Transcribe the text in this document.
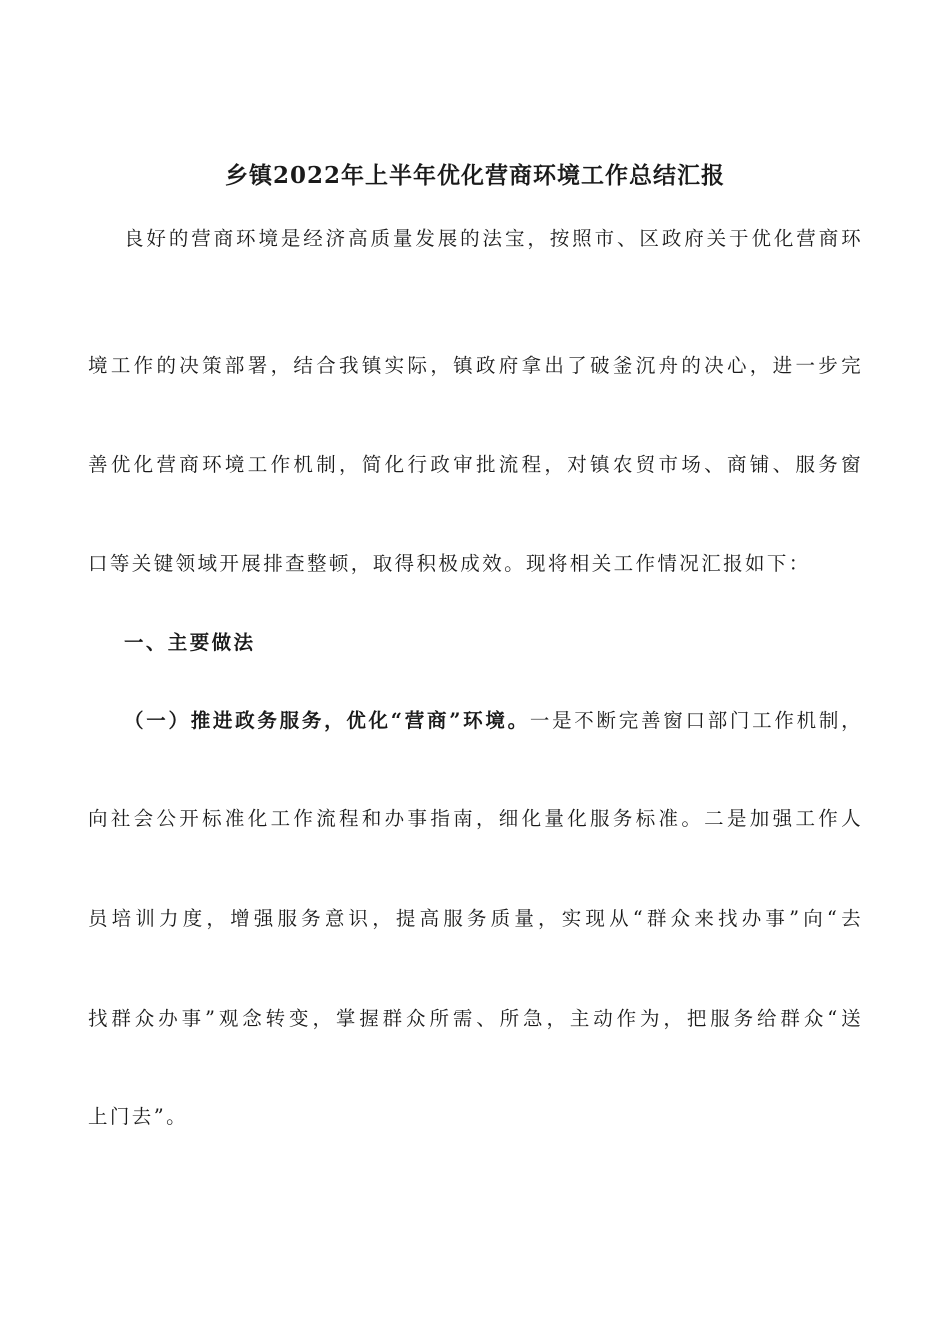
乡镇2022年上半年优化营商环境工作总结汇报

良好的营商环境是经济高质量发展的法宝，按照市、区政府关于优化营商环

境工作的决策部署，结合我镇实际，镇政府拿出了破釜沉舟的决心，进一步完

善优化营商环境工作机制，简化行政审批流程，对镇农贸市场、商铺、服务窗

口等关键领域开展排查整顿，取得积极成效。现将相关工作情况汇报如下：

一、主要做法

（一）推进政务服务，优化“营商”环境。一是不断完善窗口部门工作机制，

向社会公开标准化工作流程和办事指南，细化量化服务标准。二是加强工作人

员培训力度，增强服务意识，提高服务质量，实现从“群众来找办事”向“去

找群众办事”观念转变，掌握群众所需、所急，主动作为，把服务给群众“送

上门去”。
